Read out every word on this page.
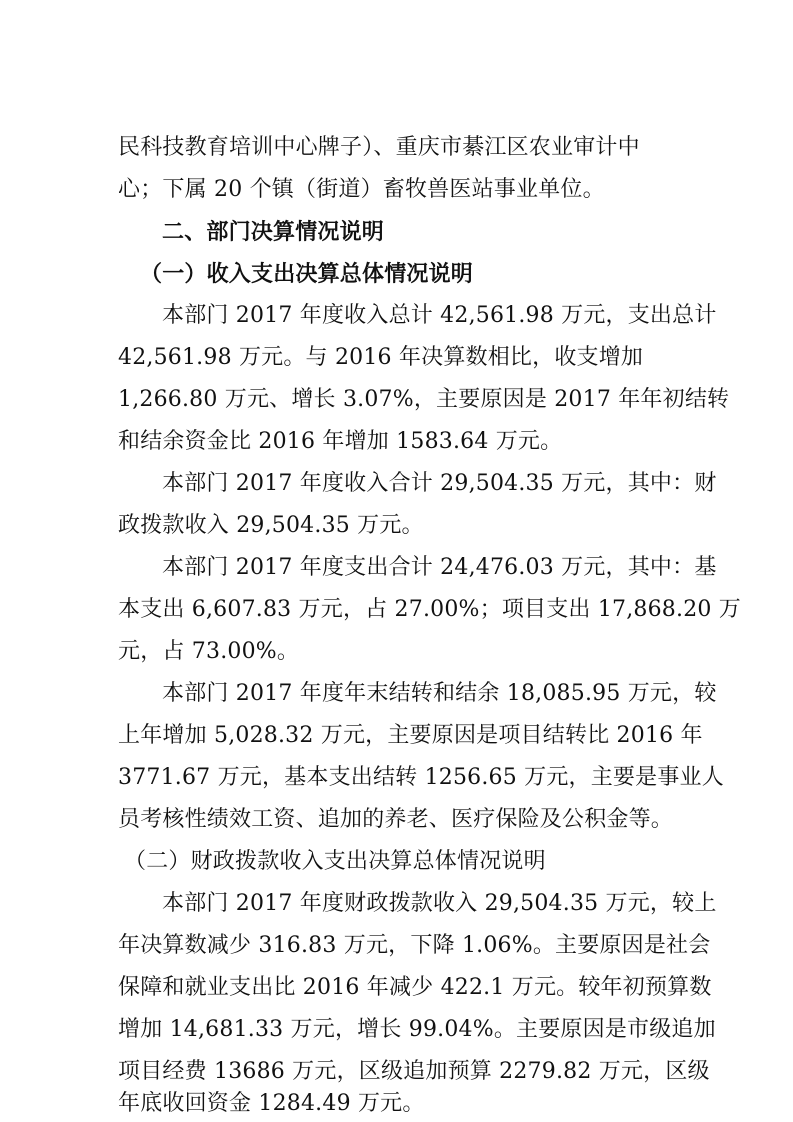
民科技教育培训中心牌子）、重庆市綦江区农业审计中
心；下属 20 个镇（街道）畜牧兽医站事业单位。
二、部门决算情况说明
（一）收入支出决算总体情况说明
本部门 2017 年度收入总计 42,561.98 万元，支出总计
42,561.98 万元。与 2016 年决算数相比，收支增加
1,266.80 万元、增长 3.07%，主要原因是 2017 年年初结转
和结余资金比 2016 年增加 1583.64 万元。
本部门 2017 年度收入合计 29,504.35 万元，其中：财
政拨款收入 29,504.35 万元。
本部门 2017 年度支出合计 24,476.03 万元，其中：基
本支出 6,607.83 万元，占 27.00%；项目支出 17,868.20 万
元，占 73.00%。
本部门 2017 年度年末结转和结余 18,085.95 万元，较
上年增加 5,028.32 万元，主要原因是项目结转比 2016 年
3771.67 万元，基本支出结转 1256.65 万元，主要是事业人
员考核性绩效工资、追加的养老、医疗保险及公积金等。
（二）财政拨款收入支出决算总体情况说明
本部门 2017 年度财政拨款收入 29,504.35 万元，较上
年决算数减少 316.83 万元，下降 1.06%。主要原因是社会
保障和就业支出比 2016 年减少 422.1 万元。较年初预算数
增加 14,681.33 万元，增长 99.04%。主要原因是市级追加
项目经费 13686 万元，区级追加预算 2279.82 万元，区级
年底收回资金 1284.49 万元。
